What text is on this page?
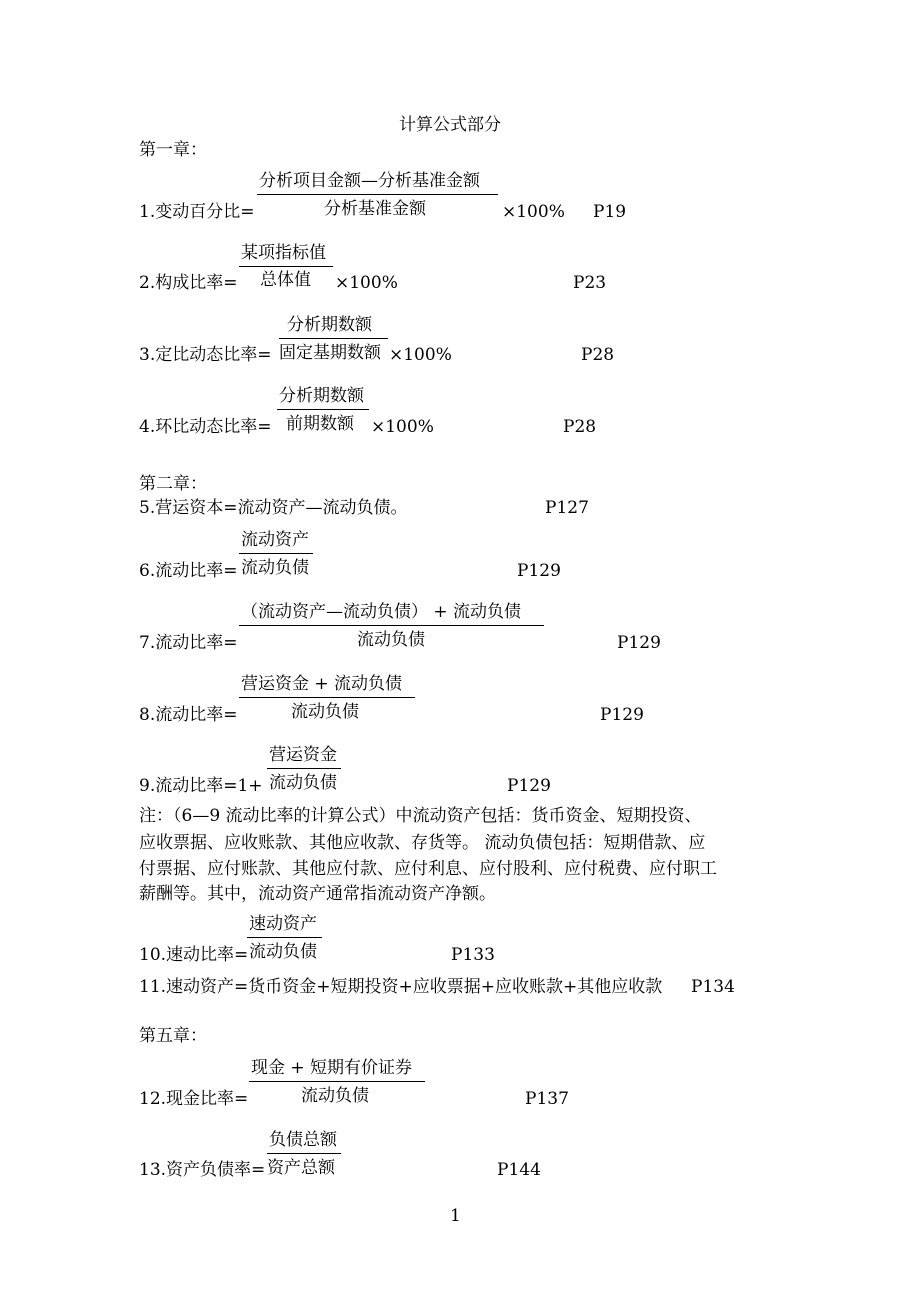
计算公式部分
第一章：
分析项目金额—分析基准金额
1.变动百分比=	分析基准金额	×100% P19
某项指标值
2.构成比率= 总体值 ×100%	P23
分析期数额
3.定比动态比率= 固定基期数额 ×100%	P28
分析期数额
4.环比动态比率= 前期数额 ×100%	P28
第二章：
5.营运资本=流动资产—流动负债。	P127
流动资产
6.流动比率= 流动负债	P129
（流动资产—流动负债） + 流动负债
7.流动比率=	流动负债	P129
营运资金 + 流动负债
8.流动比率=	流动负债	P129
营运资金
9.流动比率=1+ 流动负债	P129
注：（6—9 流动比率的计算公式）中流动资产包括：货币资金、短期投资、
应收票据、应收账款、其他应收款、存货等。 流动负债包括：短期借款、应
付票据、应付账款、其他应付款、应付利息、应付股利、应付税费、应付职工
薪酬等。其中，流动资产通常指流动资产净额。
速动资产
10.速动比率= 流动负债	P133
11.速动资产=货币资金+短期投资+应收票据+应收账款+其他应收款 P134
第五章：
现金 + 短期有价证券
12.现金比率=	流动负债	P137
负债总额
13.资产负债率= 资产总额	P144
1
